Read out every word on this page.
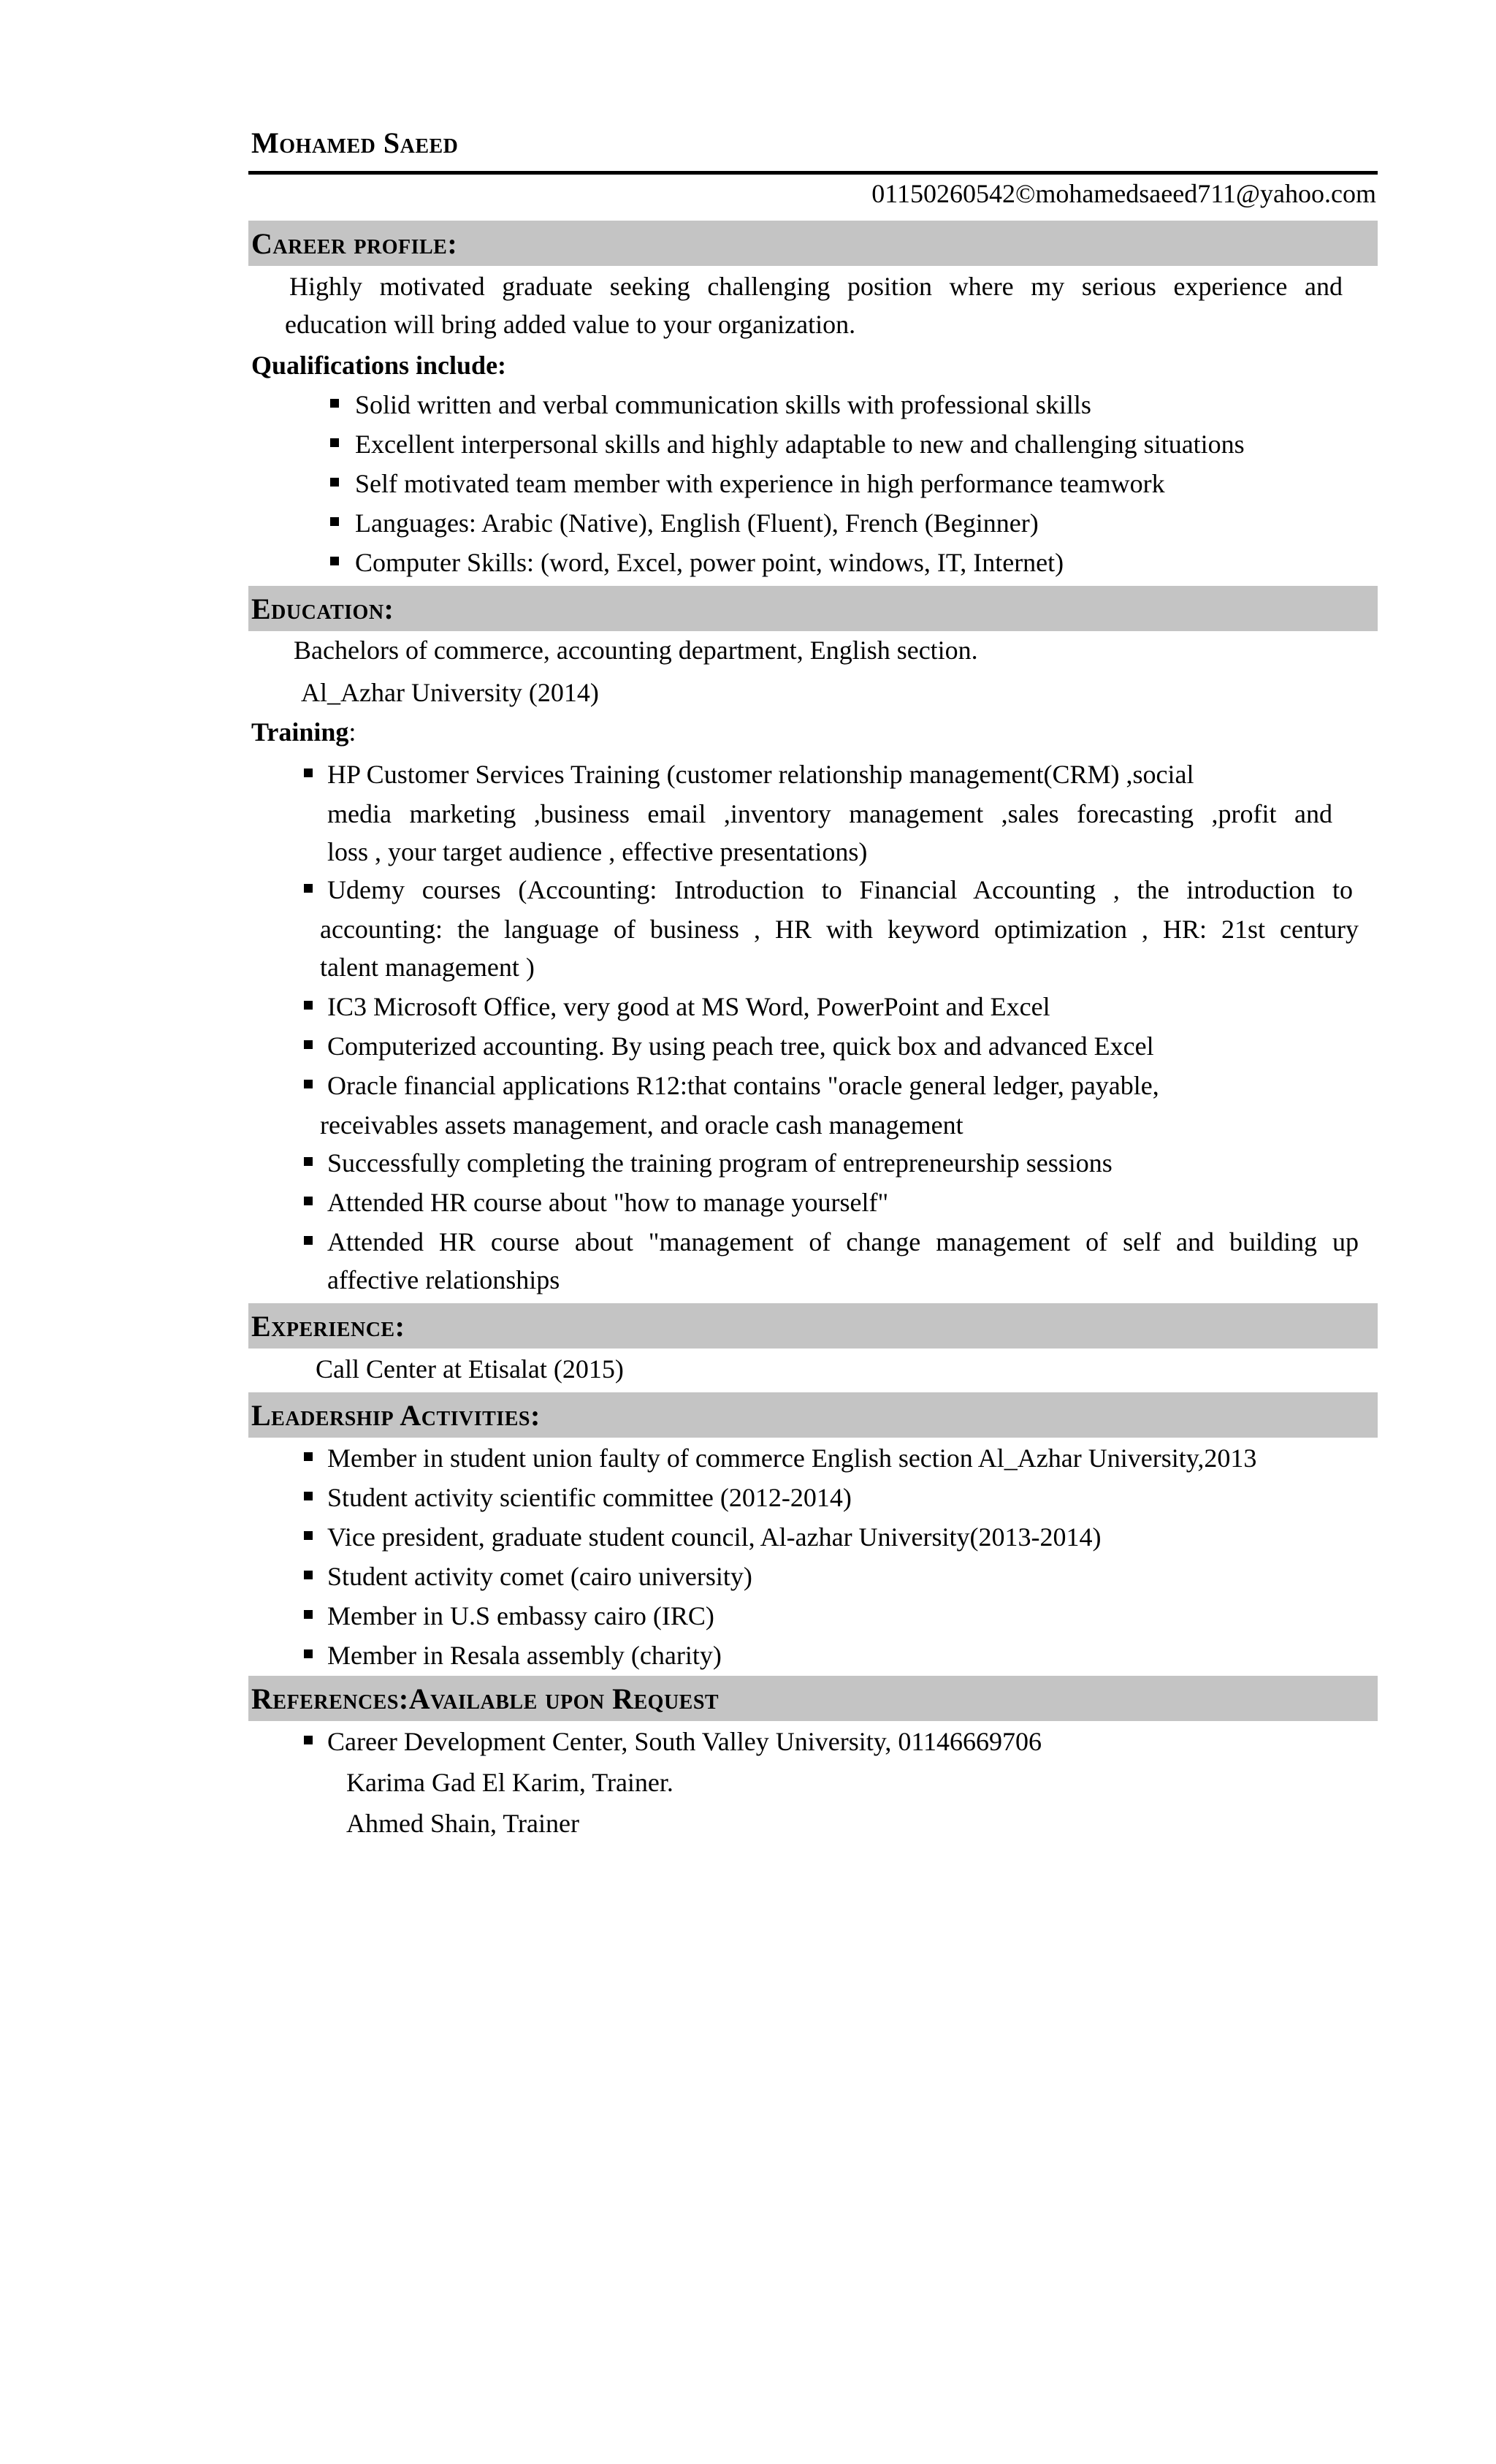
Mohamed Saeed
01150260542©mohamedsaeed711@yahoo.com
Career profile:
Highly motivated graduate seeking challenging position where my serious experience and
education will bring added value to your organization.
Qualifications include:
Solid written and verbal communication skills with professional skills
Excellent interpersonal skills and highly adaptable to new and challenging situations
Self motivated team member with experience in high performance teamwork
Languages: Arabic (Native), English (Fluent), French (Beginner)
Computer Skills: (word, Excel, power point, windows, IT, Internet)
Education:
Bachelors of commerce, accounting department, English section.
Al_Azhar University (2014)
Training:
HP Customer Services Training (customer relationship management(CRM) ,social
media marketing ,business email ,inventory management ,sales forecasting ,profit and
loss , your target audience , effective presentations)
Udemy courses (Accounting: Introduction to Financial Accounting , the introduction to
accounting: the language of business , HR with keyword optimization , HR: 21st century
talent management )
IC3 Microsoft Office, very good at MS Word, PowerPoint and Excel
Computerized accounting. By using peach tree, quick box and advanced Excel
Oracle financial applications R12:that contains "oracle general ledger, payable,
receivables assets management, and oracle cash management
Successfully completing the training program of entrepreneurship sessions
Attended HR course about "how to manage yourself"
Attended HR course about "management of change management of self and building up
affective relationships
Experience:
Call Center at Etisalat (2015)
Leadership Activities:
Member in student union faulty of commerce English section Al_Azhar University,2013
Student activity scientific committee (2012-2014)
Vice president, graduate student council, Al-azhar University(2013-2014)
Student activity comet (cairo university)
Member in U.S embassy cairo (IRC)
Member in Resala assembly (charity)
References:Available upon Request
Career Development Center, South Valley University, 01146669706
Karima Gad El Karim, Trainer.
Ahmed Shain, Trainer
